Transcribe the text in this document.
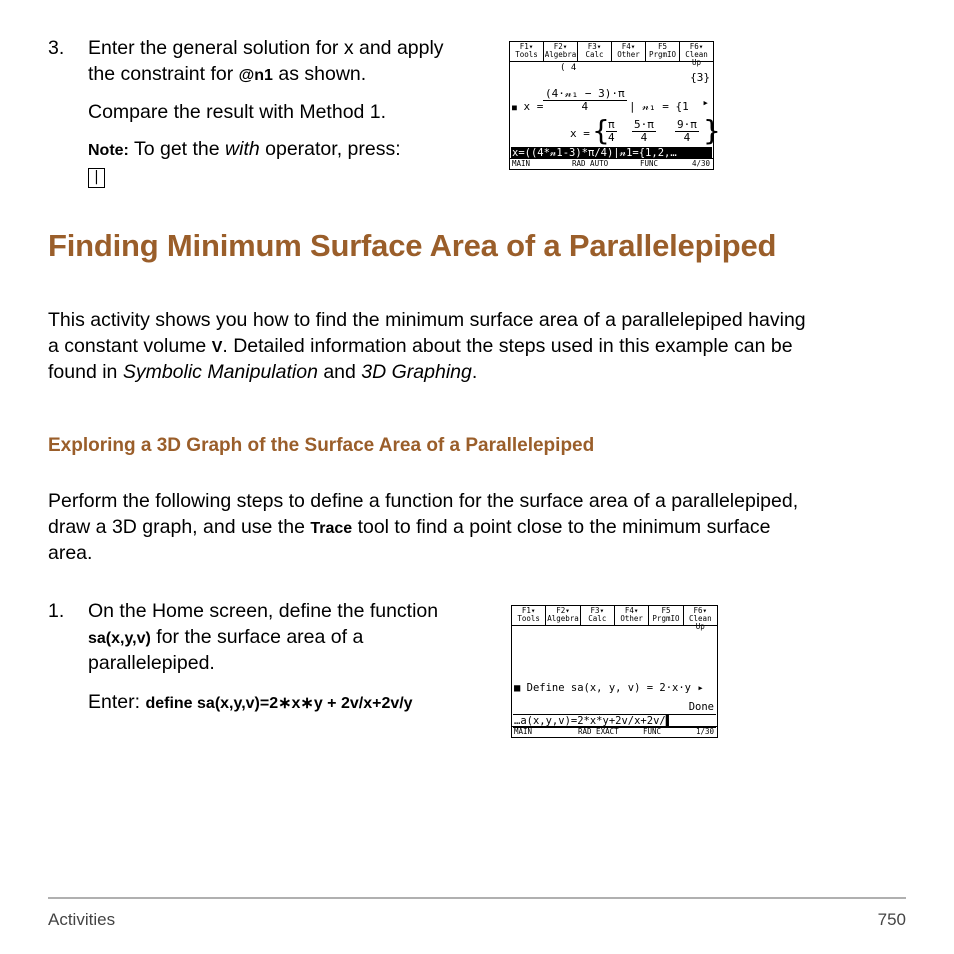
3. Enter the general solution for x and apply
the constraint for @n1 as shown.
Compare the result with Method 1.
Note: To get the with operator, press:
|
F1▾
Tools
F2▾
Algebra
F3▾
Calc
F4▾
Other
F5
PrgmIO
F6▾
Clean Up
( 4
{3}
■ $x = \frac{\text{(4·𝓃₁ − 3)·π}}{4}$ | 𝓃₁ = {1 ▸
x = {
$\frac{\pi}{4} \frac{5\cdot\pi}{4} \frac{9\cdot\pi}{4}$ }
x=((4*𝓃1-3)*π/4)|𝓃1={1,2,…
MAIN	RAD AUTO	FUNC	4/30
Finding Minimum Surface Area of a Parallelepiped
This activity shows you how to find the minimum surface area of a parallelepiped having
a constant volume V. Detailed information about the steps used in this example can be
found in Symbolic Manipulation and 3D Graphing.
Exploring a 3D Graph of the Surface Area of a Parallelepiped
Perform the following steps to define a function for the surface area of a parallelepiped,
draw a 3D graph, and use the Trace tool to find a point close to the minimum surface
area.
1. On the Home screen, define the function
sa(x,y,v) for the surface area of a
parallelepiped.
Enter: define sa(x,y,v)=2∗x∗y + 2v/x+2v/y
F1▾
Tools
F2▾
Algebra
F3▾
Calc
F4▾
Other
F5
PrgmIO
F6▾
Clean Up
■ Define sa(x, y, v) = 2·x·y ▸
Done
…a(x,y,v)=2*x*y+2v/x+2v/▌
MAIN	RAD EXACT	FUNC	1/30
Activities	750
